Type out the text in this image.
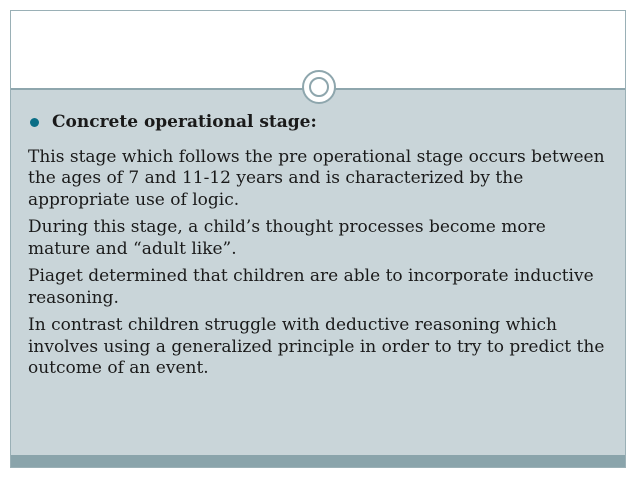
Concrete operational stage:

This stage which follows the pre operational stage occurs between the ages of 7 and 11-12 years and is characterized by the appropriate use of logic.

During this stage, a child’s thought processes become more mature and “adult like”.

Piaget determined that children are able to incorporate inductive reasoning.

In contrast children struggle with deductive reasoning which involves using a generalized principle in order to try to predict the outcome of an event.
